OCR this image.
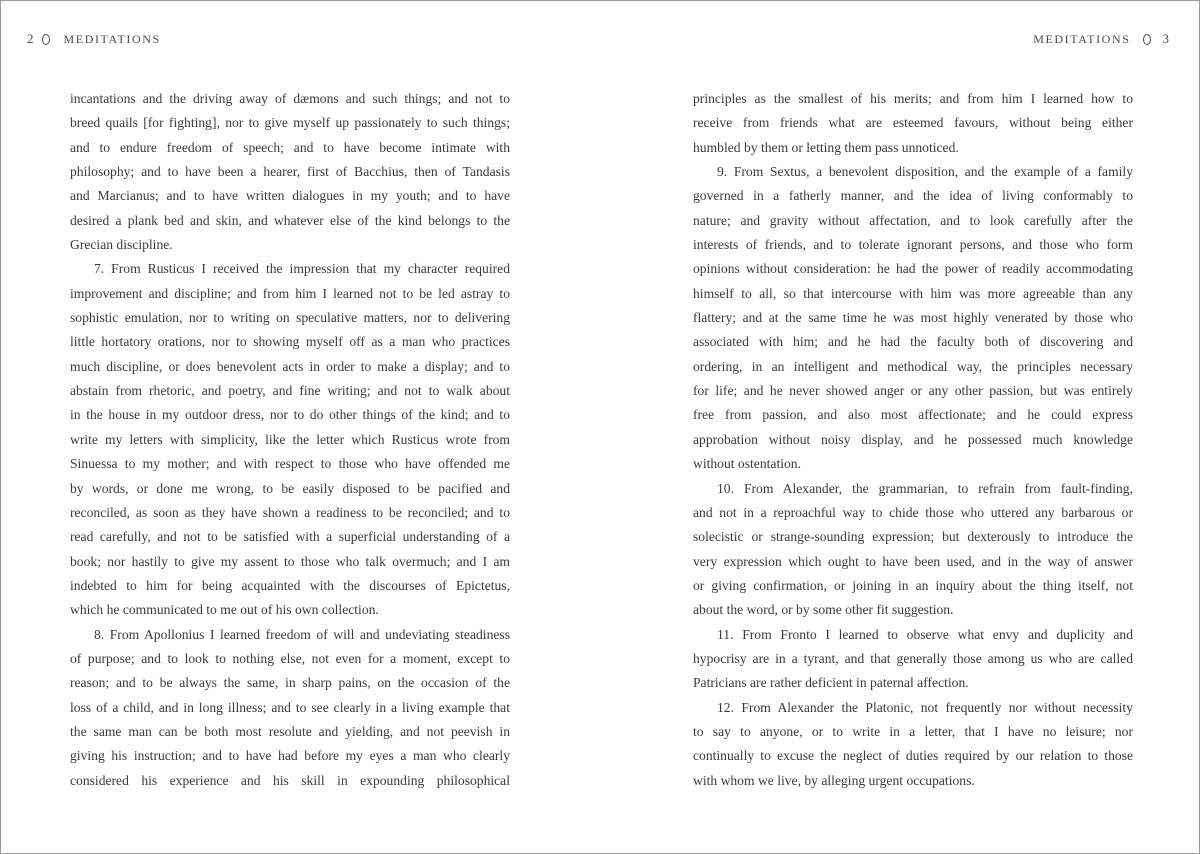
2	MEDITATIONS
incantations and the driving away of dæmons and such things; and not to
breed quails [for fighting], nor to give myself up passionately to such things;
and to endure freedom of speech; and to have become intimate with
philosophy; and to have been a hearer, first of Bacchius, then of Tandasis
and Marcianus; and to have written dialogues in my youth; and to have
desired a plank bed and skin, and whatever else of the kind belongs to the
Grecian discipline.
7. From Rusticus I received the impression that my character required
improvement and discipline; and from him I learned not to be led astray to
sophistic emulation, nor to writing on speculative matters, nor to delivering
little hortatory orations, nor to showing myself off as a man who practices
much discipline, or does benevolent acts in order to make a display; and to
abstain from rhetoric, and poetry, and fine writing; and not to walk about
in the house in my outdoor dress, nor to do other things of the kind; and to
write my letters with simplicity, like the letter which Rusticus wrote from
Sinuessa to my mother; and with respect to those who have offended me
by words, or done me wrong, to be easily disposed to be pacified and
reconciled, as soon as they have shown a readiness to be reconciled; and to
read carefully, and not to be satisfied with a superficial understanding of a
book; nor hastily to give my assent to those who talk overmuch; and I am
indebted to him for being acquainted with the discourses of Epictetus,
which he communicated to me out of his own collection.
8. From Apollonius I learned freedom of will and undeviating steadiness
of purpose; and to look to nothing else, not even for a moment, except to
reason; and to be always the same, in sharp pains, on the occasion of the
loss of a child, and in long illness; and to see clearly in a living example that
the same man can be both most resolute and yielding, and not peevish in
giving his instruction; and to have had before my eyes a man who clearly
considered his experience and his skill in expounding philosophical
MEDITATIONS 3
principles as the smallest of his merits; and from him I learned how to
receive from friends what are esteemed favours, without being either
humbled by them or letting them pass unnoticed.
9. From Sextus, a benevolent disposition, and the example of a family
governed in a fatherly manner, and the idea of living conformably to
nature; and gravity without affectation, and to look carefully after the
interests of friends, and to tolerate ignorant persons, and those who form
opinions without consideration: he had the power of readily accommodating
himself to all, so that intercourse with him was more agreeable than any
flattery; and at the same time he was most highly venerated by those who
associated with him; and he had the faculty both of discovering and
ordering, in an intelligent and methodical way, the principles necessary
for life; and he never showed anger or any other passion, but was entirely
free from passion, and also most affectionate; and he could express
approbation without noisy display, and he possessed much knowledge
without ostentation.
10. From Alexander, the grammarian, to refrain from fault-finding,
and not in a reproachful way to chide those who uttered any barbarous or
solecistic or strange-sounding expression; but dexterously to introduce the
very expression which ought to have been used, and in the way of answer
or giving confirmation, or joining in an inquiry about the thing itself, not
about the word, or by some other fit suggestion.
11. From Fronto I learned to observe what envy and duplicity and
hypocrisy are in a tyrant, and that generally those among us who are called
Patricians are rather deficient in paternal affection.
12. From Alexander the Platonic, not frequently nor without necessity
to say to anyone, or to write in a letter, that I have no leisure; nor
continually to excuse the neglect of duties required by our relation to those
with whom we live, by alleging urgent occupations.
